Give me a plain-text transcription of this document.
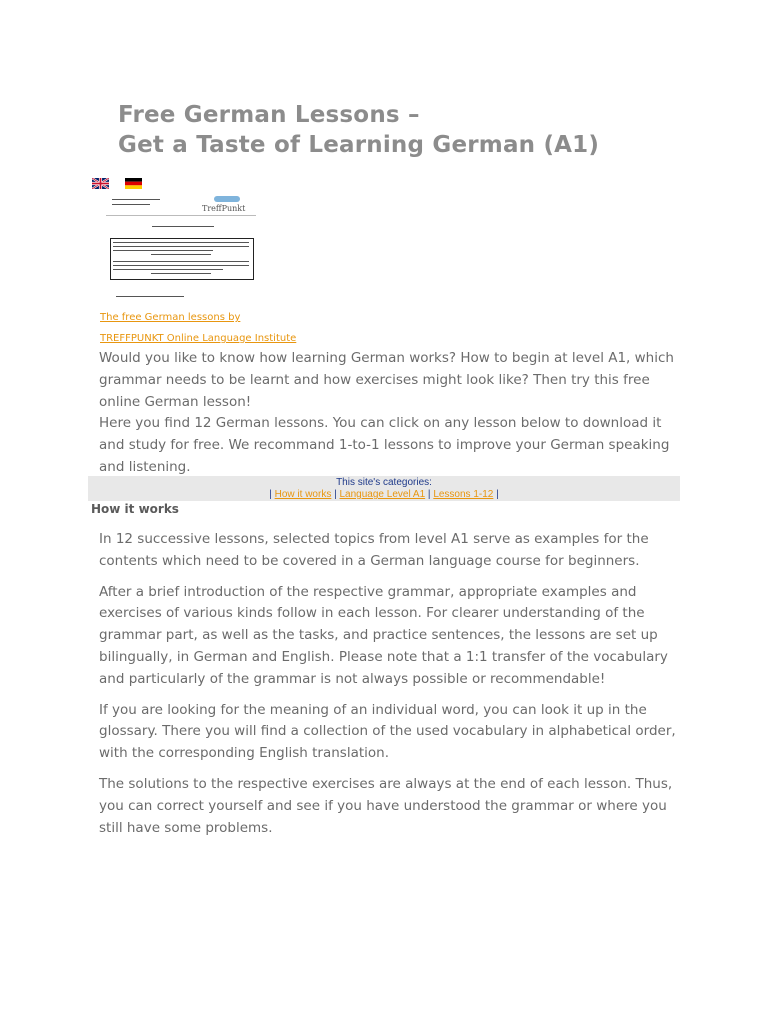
Free German Lessons –
Get a Taste of Learning German (A1)
TreffPunkt
The free German lessons by
TREFFPUNKT Online Language Institute

Would you like to know how learning German works? How to begin at level A1, which grammar needs to be learnt and how exercises might look like? Then try this free online German lesson!

Here you find 12 German lessons. You can click on any lesson below to download it and study for free. We recommand 1-to-1 lessons to improve your German speaking and listening.

This site's categories:
| How it works | Language Level A1 | Lessons 1-12 |
How it works

In 12 successive lessons, selected topics from level A1 serve as examples for the contents which need to be covered in a German language course for beginners.

After a brief introduction of the respective grammar, appropriate examples and exercises of various kinds follow in each lesson. For clearer understanding of the grammar part, as well as the tasks, and practice sentences, the lessons are set up bilingually, in German and English. Please note that a 1:1 transfer of the vocabulary and particularly of the grammar is not always possible or recommendable!

If you are looking for the meaning of an individual word, you can look it up in the glossary. There you will find a collection of the used vocabulary in alphabetical order, with the corresponding English translation.

The solutions to the respective exercises are always at the end of each lesson. Thus, you can correct yourself and see if you have understood the grammar or where you still have some problems.
